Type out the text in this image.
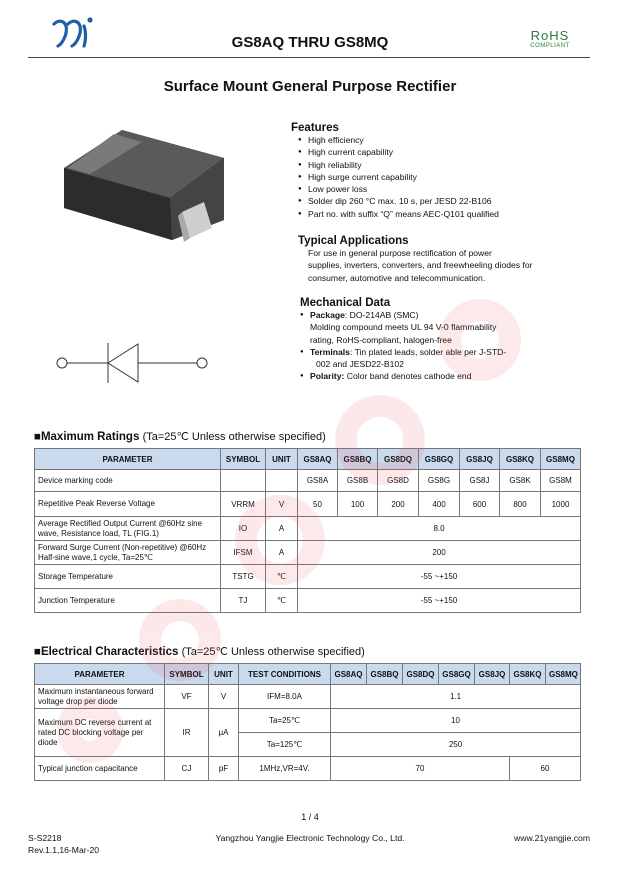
GS8AQ THRU GS8MQ	RoHS
COMPLIANT
Surface Mount General Purpose Rectifier
Features
● High efficiency
● High current capability
● High reliability
● High surge current capability
● Low power loss
● Solder dip 260 °C max. 10 s, per JESD 22-B106
● Part no. with suffix “Q” means AEC-Q101 qualified
Typical Applications
For use in general purpose rectification of power
supplies, inverters, converters, and freewheeling diodes for
consumer, automotive and telecommunication.
Mechanical Data
● Package: DO-214AB (SMC)
Molding compound meets UL 94 V-0 flammability
rating, RoHS-compliant, halogen-free
● Terminals: Tin plated leads, solder able per J-STD-
002 and JESD22-B102
● Polarity: Color band denotes cathode end
■Maximum Ratings (Ta=25℃ Unless otherwise specified)
PARAMETER	SYMBOL	UNIT	GS8AQ	GS8BQ	GS8DQ	GS8GQ	GS8JQ	GS8KQ	GS8MQ
Device marking code			GS8A	GS8B	GS8D	GS8G	GS8J	GS8K	GS8M
Repetitive Peak Reverse Voltage	VRRM	V	50	100	200	400	600	800	1000
Average Rectified Output Current @60Hz sine wave, Resistance load, TL (FIG.1)	IO	A	8.0						
Forward Surge Current (Non-repetitive) @60Hz Half-sine wave,1 cycle, Ta=25℃	IFSM	A	200						
Storage Temperature	TSTG	℃	-55 ~+150						
Junction Temperature	TJ	℃	-55 ~+150						
■Electrical Characteristics (Ta=25℃ Unless otherwise specified)
PARAMETER	SYMBOL	UNIT	TEST CONDITIONS	GS8AQ	GS8BQ	GS8DQ	GS8GQ	GS8JQ	GS8KQ	GS8MQ
Maximum instantaneous forward voltage drop per diode	VF	V	IFM=8.0A	1.1						
Maximum DC reverse current at rated DC blocking voltage per diode	IR	μA	Ta=25℃	10						
			Ta=125℃	250						
Typical junction capacitance	CJ	pF	1MHz,VR=4V.	70					60	
1 / 4
S-S2218
Rev.1.1,16-Mar-20
Yangzhou Yangjie Electronic Technology Co., Ltd.	www.21yangjie.com
